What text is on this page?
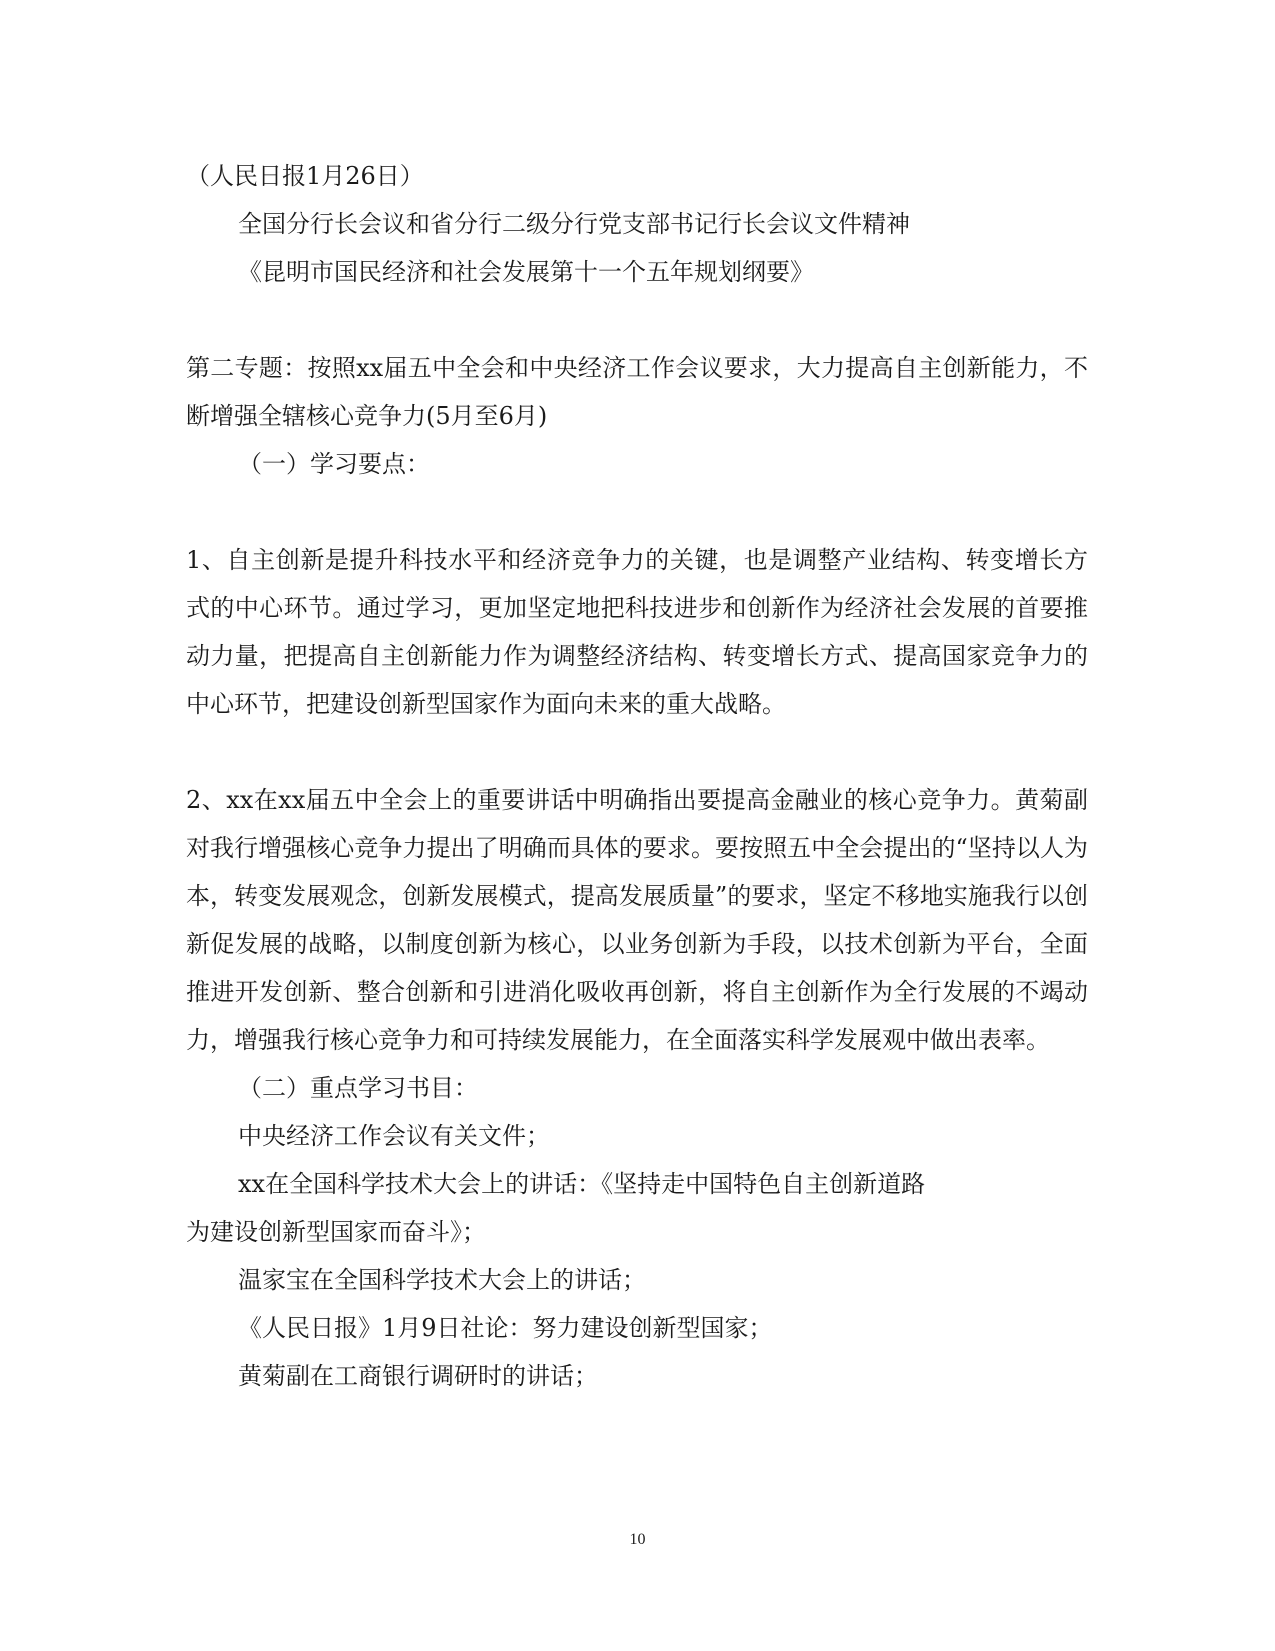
（人民日报1月26日）

全国分行长会议和省分行二级分行党支部书记行长会议文件精神

《昆明市国民经济和社会发展第十一个五年规划纲要》

第二专题：按照xx届五中全会和中央经济工作会议要求，大力提高自主创新能力，不断增强全辖核心竞争力(5月至6月)

（一）学习要点：

1、自主创新是提升科技水平和经济竞争力的关键，也是调整产业结构、转变增长方式的中心环节。通过学习，更加坚定地把科技进步和创新作为经济社会发展的首要推动力量，把提高自主创新能力作为调整经济结构、转变增长方式、提高国家竞争力的中心环节，把建设创新型国家作为面向未来的重大战略。

2、xx在xx届五中全会上的重要讲话中明确指出要提高金融业的核心竞争力。黄菊副对我行增强核心竞争力提出了明确而具体的要求。要按照五中全会提出的“坚持以人为本，转变发展观念，创新发展模式，提高发展质量”的要求，坚定不移地实施我行以创新促发展的战略，以制度创新为核心，以业务创新为手段，以技术创新为平台，全面推进开发创新、整合创新和引进消化吸收再创新，将自主创新作为全行发展的不竭动力，增强我行核心竞争力和可持续发展能力，在全面落实科学发展观中做出表率。

（二）重点学习书目：

中央经济工作会议有关文件；

xx在全国科学技术大会上的讲话：《坚持走中国特色自主创新道路

为建设创新型国家而奋斗》；

温家宝在全国科学技术大会上的讲话；

《人民日报》1月9日社论：努力建设创新型国家；

黄菊副在工商银行调研时的讲话；

10
